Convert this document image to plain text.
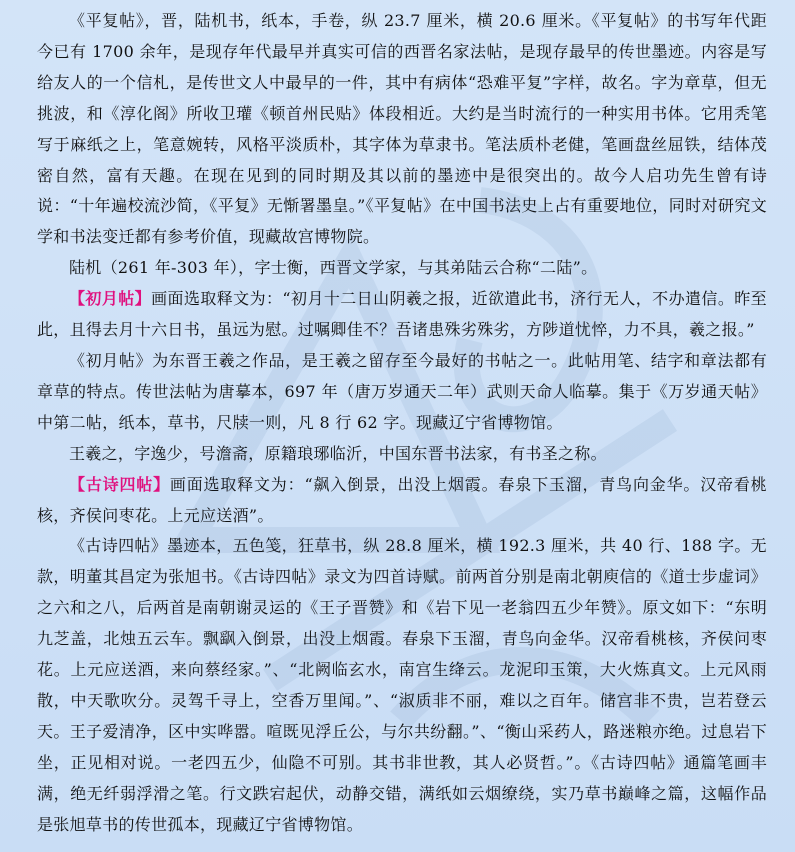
《平复帖》，晋，陆机书，纸本，手卷，纵 23.7 厘米，横 20.6 厘米。《平复帖》的书写年代距今已有 1700 余年，是现存年代最早并真实可信的西晋名家法帖，是现存最早的传世墨迹。内容是写给友人的一个信札，是传世文人中最早的一件，其中有病体“恐难平复”字样，故名。字为章草，但无挑波，和《淳化阁》所收卫瓘《顿首州民贴》体段相近。大约是当时流行的一种实用书体。它用秃笔写于麻纸之上，笔意婉转，风格平淡质朴，其字体为草隶书。笔法质朴老健，笔画盘丝屈铁，结体茂密自然，富有天趣。在现在见到的同时期及其以前的墨迹中是很突出的。故今人启功先生曾有诗说：“十年遍校流沙简，《平复》无惭署墨皇。”《平复帖》在中国书法史上占有重要地位，同时对研究文学和书法变迁都有参考价值，现藏故宫博物院。

陆机（261 年-303 年），字士衡，西晋文学家，与其弟陆云合称“二陆”。

【初月帖】画面选取释文为：“初月十二日山阴羲之报，近欲遣此书，济行无人，不办遣信。昨至此，且得去月十六日书，虽远为慰。过嘱卿佳不？吾诸患殊劣殊劣，方陟道忧悴，力不具，羲之报。”

《初月帖》为东晋王羲之作品，是王羲之留存至今最好的书帖之一。此帖用笔、结字和章法都有章草的特点。传世法帖为唐摹本，697 年（唐万岁通天二年）武则天命人临摹。集于《万岁通天帖》中第二帖，纸本，草书，尺牍一则，凡 8 行 62 字。现藏辽宁省博物馆。

王羲之，字逸少，号澹斋，原籍琅琊临沂，中国东晋书法家，有书圣之称。

【古诗四帖】画面选取释文为：“飙入倒景，出没上烟霞。春泉下玉溜，青鸟向金华。汉帝看桃核，齐侯问枣花。上元应送酒”。

《古诗四帖》墨迹本，五色笺，狂草书，纵 28.8 厘米，横 192.3 厘米，共 40 行、188 字。无款，明董其昌定为张旭书。《古诗四帖》录文为四首诗赋。前两首分别是南北朝庾信的《道士步虚词》之六和之八，后两首是南朝谢灵运的《王子晋赞》和《岩下见一老翁四五少年赞》。原文如下：“东明九芝盖，北烛五云车。飘飖入倒景，出没上烟霞。春泉下玉溜，青鸟向金华。汉帝看桃核，齐侯问枣花。上元应送酒，来向蔡经家。”、“北阙临玄水，南宫生绛云。龙泥印玉策，大火炼真文。上元风雨散，中天歌吹分。灵驾千寻上，空香万里闻。”、“淑质非不丽，难以之百年。储宫非不贵，岂若登云天。王子爱清净，区中实哗嚣。喧既见浮丘公，与尔共纷翻。”、“衡山采药人，路迷粮亦绝。过息岩下坐，正见相对说。一老四五少，仙隐不可别。其书非世教，其人必贤哲。”。《古诗四帖》通篇笔画丰满，绝无纤弱浮滑之笔。行文跌宕起伏，动静交错，满纸如云烟缭绕，实乃草书巅峰之篇，这幅作品是张旭草书的传世孤本，现藏辽宁省博物馆。
